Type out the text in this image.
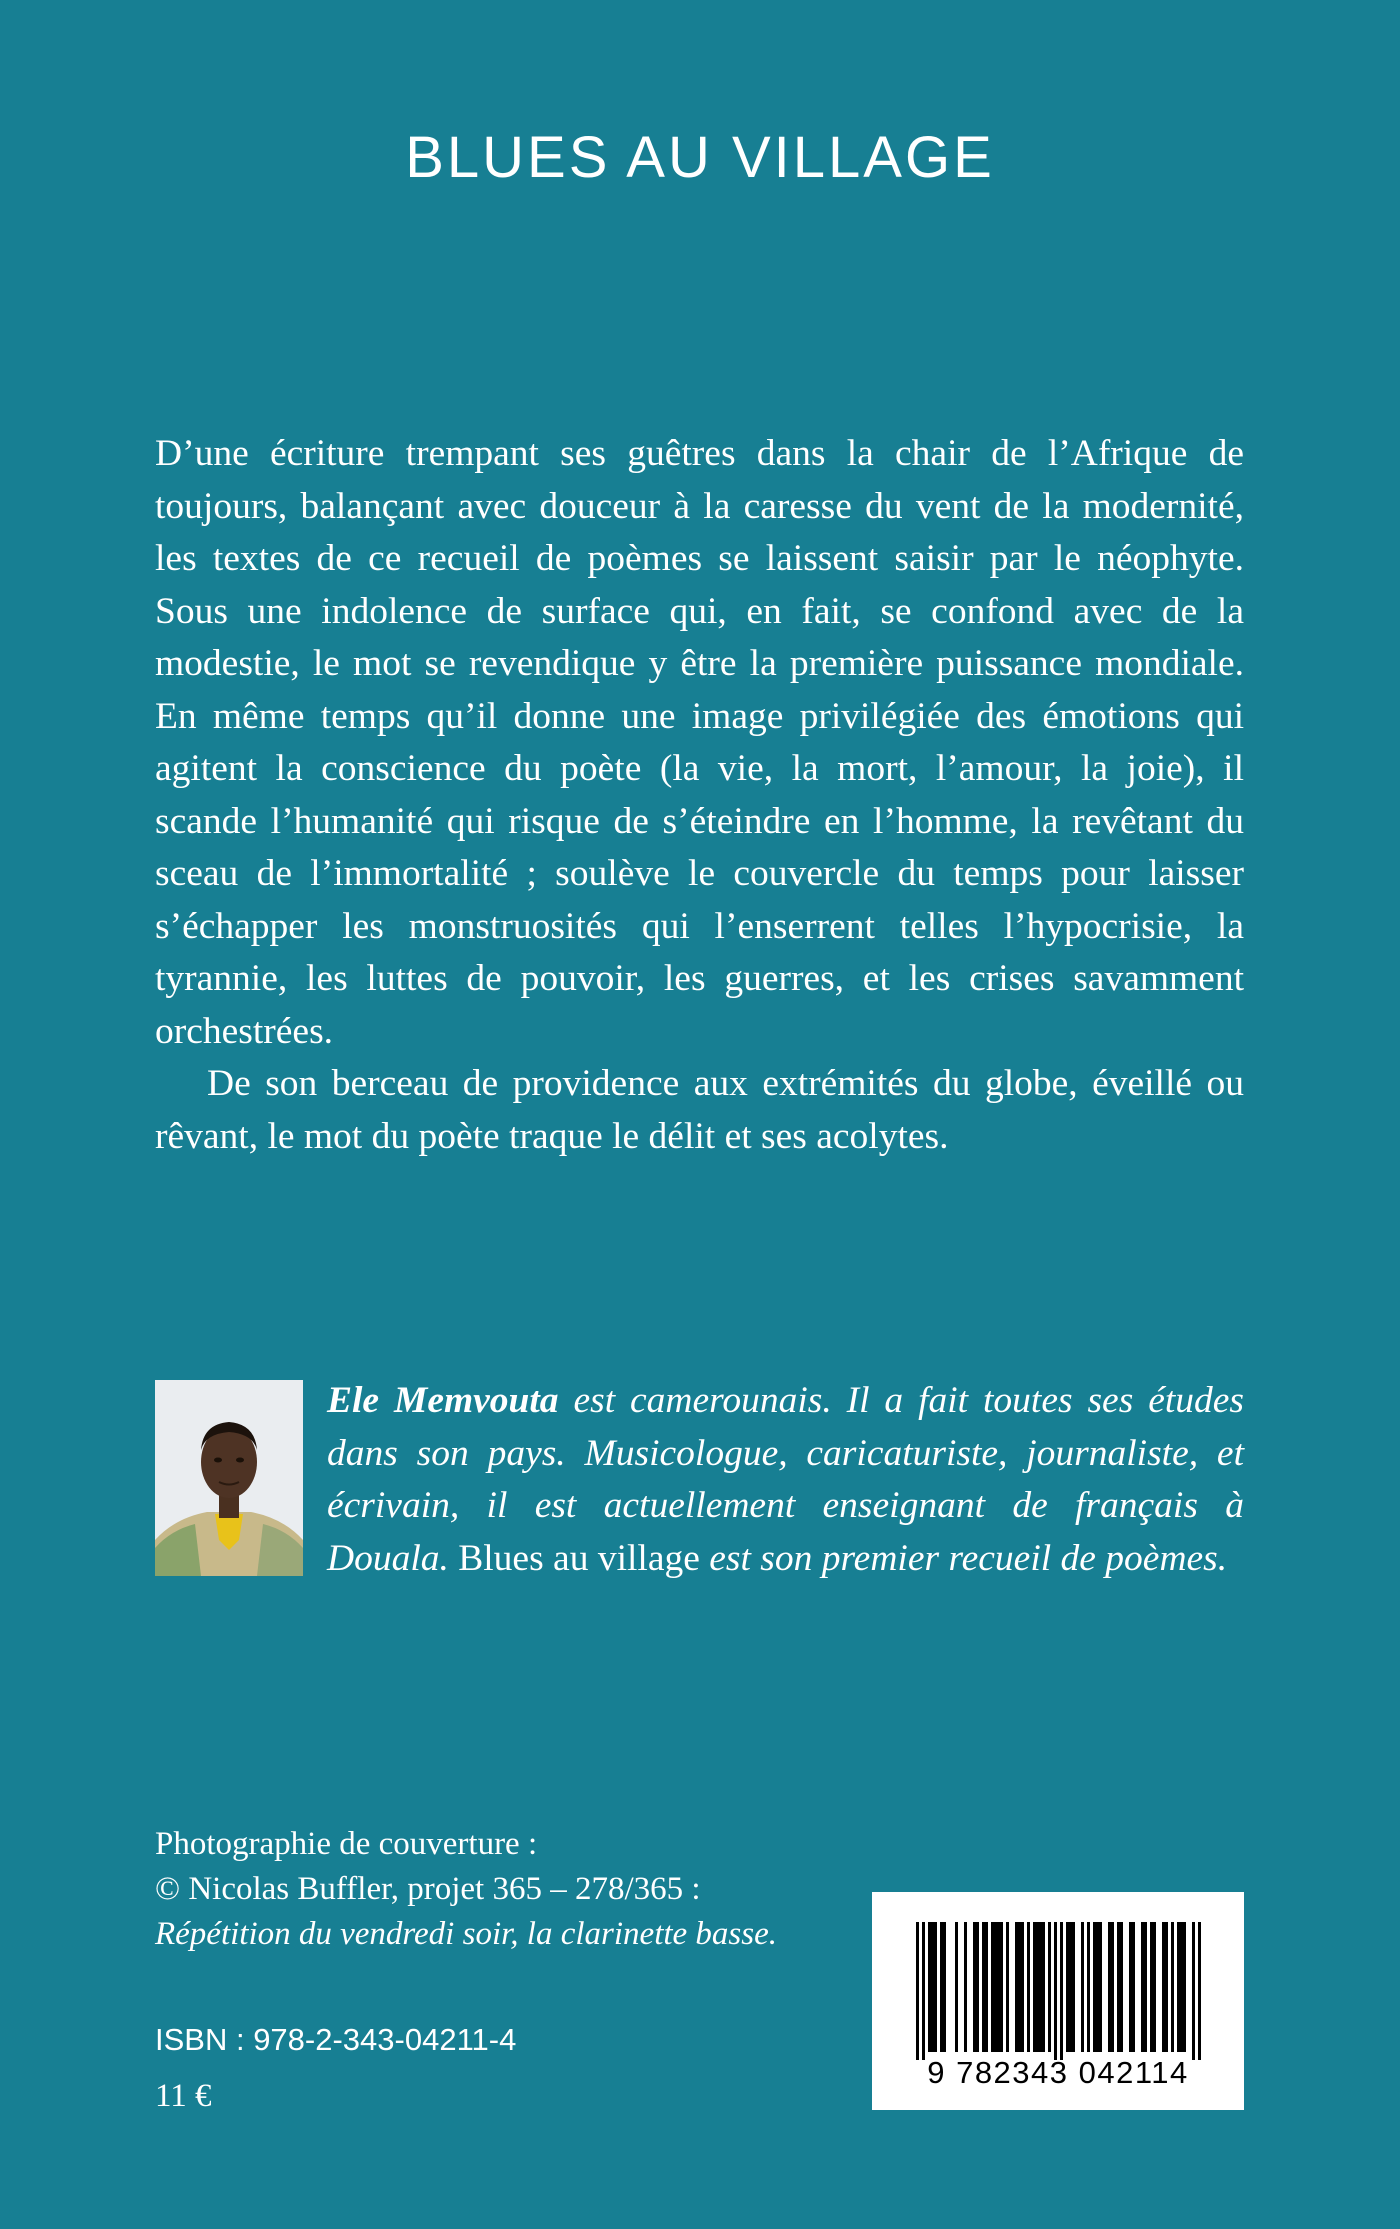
BLUES AU VILLAGE

D’une écriture trempant ses guêtres dans la chair de l’Afrique de toujours, balançant avec douceur à la caresse du vent de la modernité, les textes de ce recueil de poèmes se laissent saisir par le néophyte. Sous une indolence de surface qui, en fait, se confond avec de la modestie, le mot se revendique y être la première puissance mondiale. En même temps qu’il donne une image privilégiée des émotions qui agitent la conscience du poète (la vie, la mort, l’amour, la joie), il scande l’humanité qui risque de s’éteindre en l’homme, la revêtant du sceau de l’immortalité ; soulève le couvercle du temps pour laisser s’échapper les monstruosités qui l’enserrent telles l’hypocrisie, la tyrannie, les luttes de pouvoir, les guerres, et les crises savamment orchestrées.

De son berceau de providence aux extrémités du globe, éveillé ou rêvant, le mot du poète traque le délit et ses acolytes.

Ele Memvouta est camerounais. Il a fait toutes ses études dans son pays. Musicologue, caricaturiste, journaliste, et écrivain, il est actuellement enseignant de français à Douala. Blues au village est son premier recueil de poèmes.
Photographie de couverture :
© Nicolas Buffler, projet 365 – 278/365 :
Répétition du vendredi soir, la clarinette basse.
ISBN : 978-2-343-04211-4
11 €
9 782343 042114
